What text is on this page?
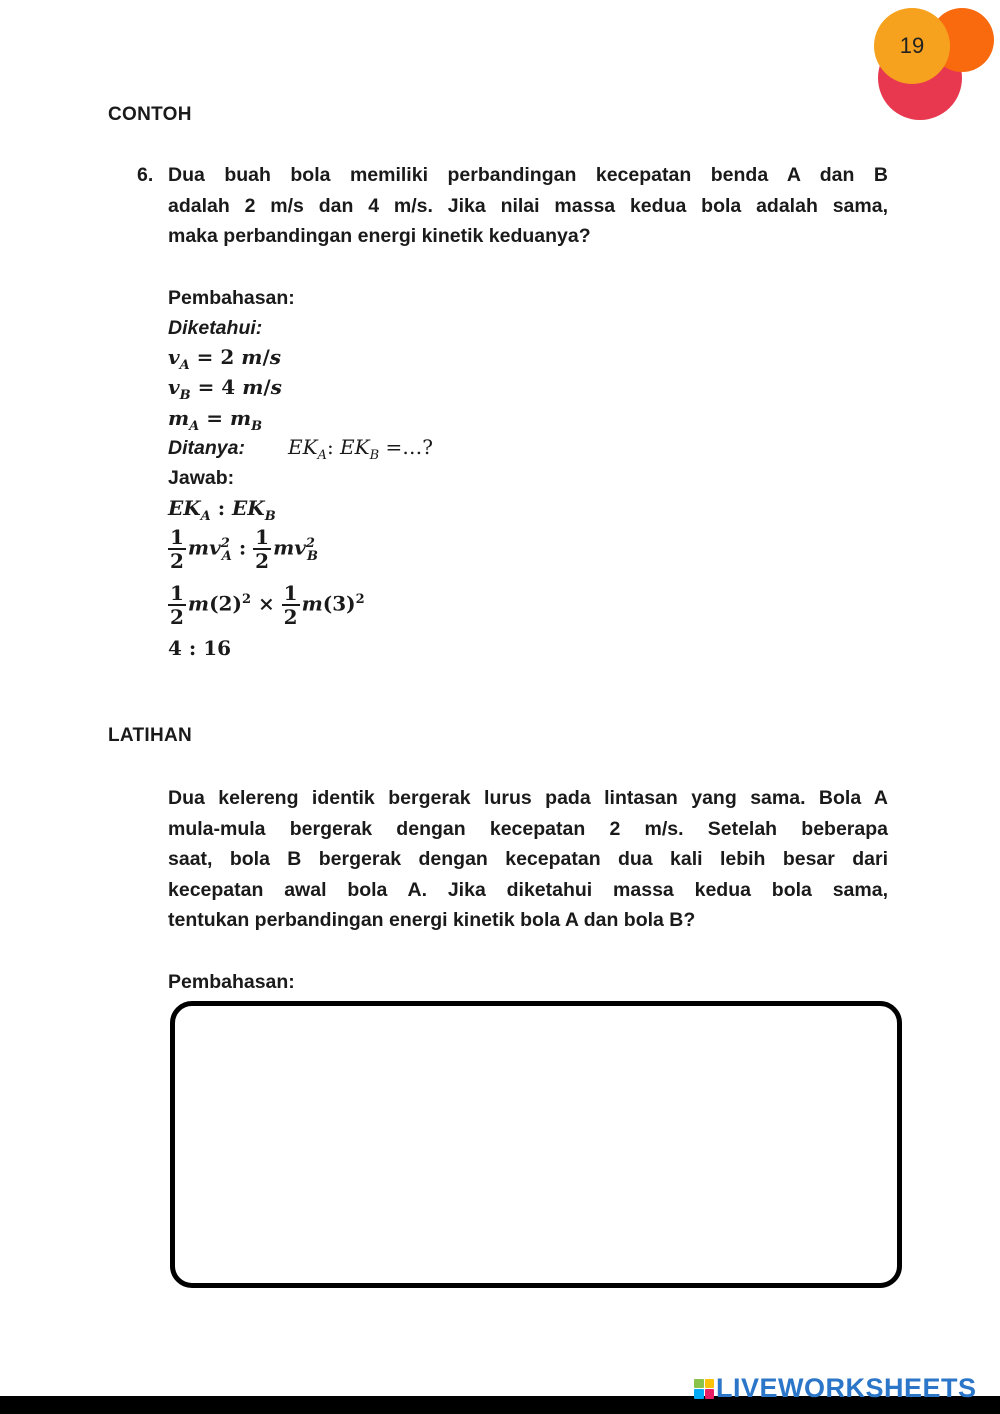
19
CONTOH
6. Dua buah bola memiliki perbandingan kecepatan benda A dan B
adalah 2 m/s dan 4 m/s. Jika nilai massa kedua bola adalah sama,
maka perbandingan energi kinetik keduanya?
Pembahasan:
Diketahui:
$v_A = 2$ m/s
$v_B = 4$ m/s
$m_A = m_B$
Ditanya: $EK_A$: $EK_B$ =…?
Jawab:
$EK_A$ : $EK_B$
$\frac{1}{2} mv^2_A$ : $\frac{1}{2} mv^2_B$
$\frac{1}{2} m(2)^2 \times \frac{1}{2} m(3)^2$
4 : 16
LATIHAN
Dua kelereng identik bergerak lurus pada lintasan yang sama. Bola A
mula-mula bergerak dengan kecepatan 2 m/s. Setelah beberapa
saat, bola B bergerak dengan kecepatan dua kali lebih besar dari
kecepatan awal bola A. Jika diketahui massa kedua bola sama,
tentukan perbandingan energi kinetik bola A dan bola B?
Pembahasan:
LIVEWORKSHEETS
